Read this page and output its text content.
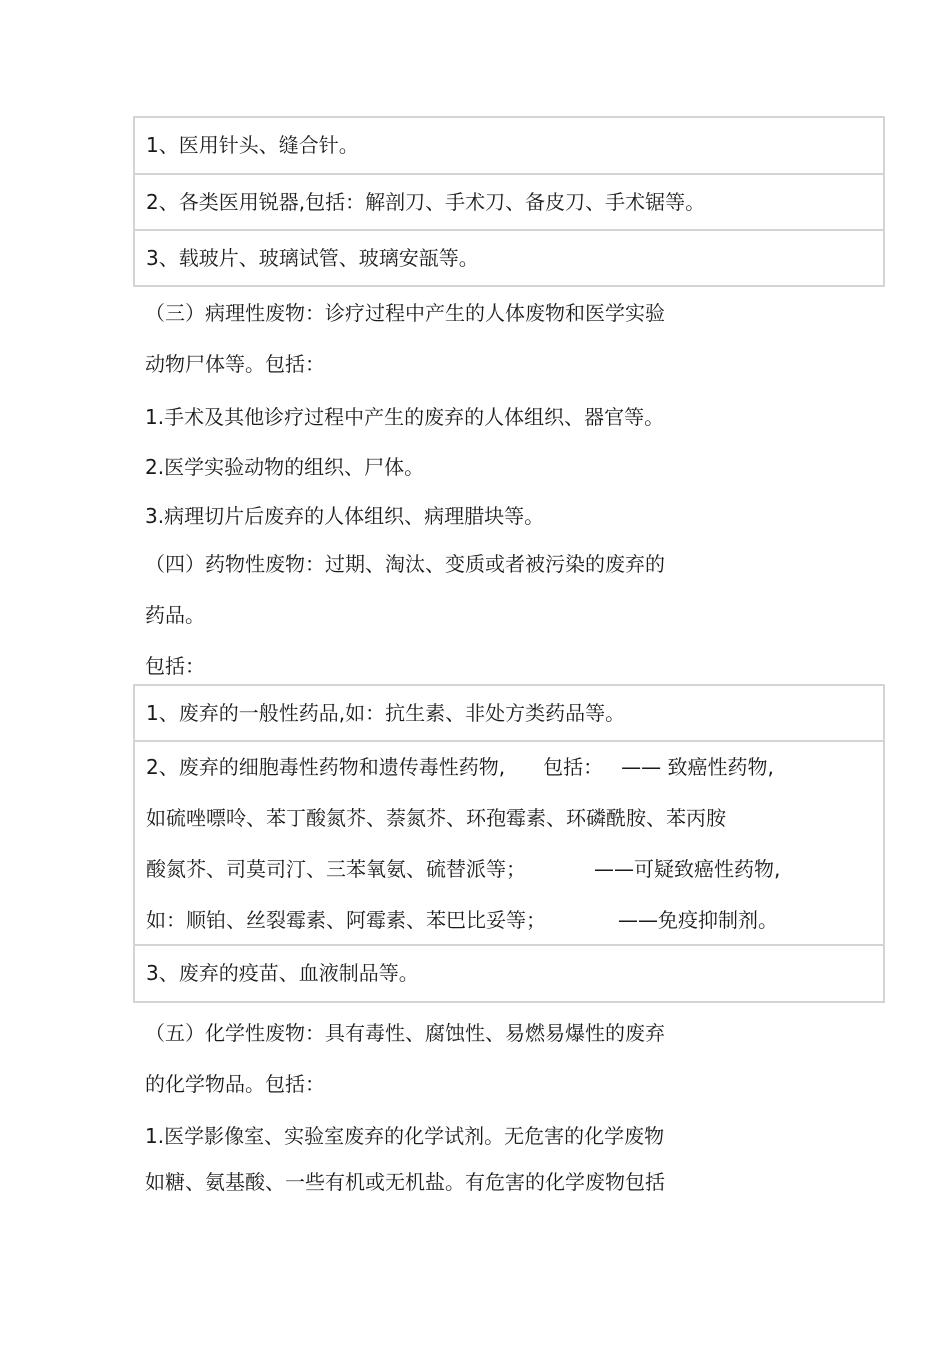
1、医用针头、缝合针。
2、各类医用锐器,包括：解剖刀、手术刀、备皮刀、手术锯等。
3、载玻片、玻璃试管、玻璃安瓿等。
（三）病理性废物：诊疗过程中产生的人体废物和医学实验
动物尸体等。包括：
1.手术及其他诊疗过程中产生的废弃的人体组织、器官等。
2.医学实验动物的组织、尸体。
3.病理切片后废弃的人体组织、病理腊块等。
（四）药物性废物：过期、淘汰、变质或者被污染的废弃的
药品。
包括：
1、废弃的一般性药品,如：抗生素、非处方类药品等。
2、废弃的细胞毒性药物和遗传毒性药物, 包括： —— 致癌性药物,
如硫唑嘌呤、苯丁酸氮芥、萘氮芥、环孢霉素、环磷酰胺、苯丙胺
酸氮芥、司莫司汀、三苯氧氨、硫替派等；	——可疑致癌性药物,
如：顺铂、丝裂霉素、阿霉素、苯巴比妥等；	——免疫抑制剂。
3、废弃的疫苗、血液制品等。
（五）化学性废物：具有毒性、腐蚀性、易燃易爆性的废弃
的化学物品。包括：
1.医学影像室、实验室废弃的化学试剂。无危害的化学废物
如糖、氨基酸、一些有机或无机盐。有危害的化学废物包括
